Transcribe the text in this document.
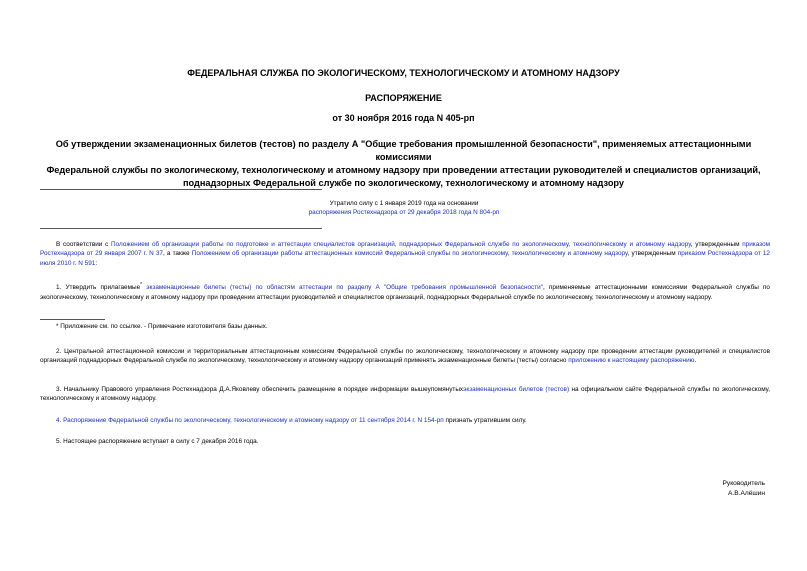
ФЕДЕРАЛЬНАЯ СЛУЖБА ПО ЭКОЛОГИЧЕСКОМУ, ТЕХНОЛОГИЧЕСКОМУ И АТОМНОМУ НАДЗОРУ
РАСПОРЯЖЕНИЕ
от 30 ноября 2016 года N 405-рп
Об утверждении экзаменационных билетов (тестов) по разделу А "Общие требования промышленной безопасности", применяемых аттестационными комиссиями
Федеральной службы по экологическому, технологическому и атомному надзору при проведении аттестации руководителей и специалистов организаций,
поднадзорных Федеральной службе по экологическому, технологическому и атомному надзору
Утратило силу с 1 января 2019 года на основании
распоряжения Ростехнадзора от 29 декабря 2018 года N 804-рп
В соответствии с Положением об организации работы по подготовке и аттестации специалистов организаций, поднадзорных Федеральной службе по экологическому, технологическому и атомному надзору, утвержденным приказом Ростехнадзора от 29 января 2007 г. N 37, а также Положением об организации работы аттестационных комиссий Федеральной службы по экологическому, технологическому и атомному надзору, утвержденным приказом Ростехнадзора от 12 июля 2010 г. N 591:
1. Утвердить прилагаемые* экзаменационные билеты (тесты) по областям аттестации по разделу А "Общие требования промышленной безопасности", применяемые аттестационными комиссиями Федеральной службы по экологическому, технологическому и атомному надзору при проведении аттестации руководителей и специалистов организаций, поднадзорных Федеральной службе по экологическому, технологическому и атомному надзору.
* Приложение см. по ссылке. - Примечание изготовителя базы данных.
2. Центральной аттестационной комиссии и территориальным аттестационным комиссиям Федеральной службы по экологическому, технологическому и атомному надзору при проведении аттестации руководителей и специалистов организаций поднадзорных Федеральной службе по экологическому, технологическому и атомному надзору организаций применять экзаменационные билеты (тесты) согласно приложению к настоящему распоряжению.
3. Начальнику Правового управления Ростехнадзора Д.А.Яковлеву обеспечить размещение в порядке информации вышеупомянутыхэкзаменационных билетов (тестов) на официальном сайте Федеральной службы по экологическому, технологическому и атомному надзору.
4. Распоряжение Федеральной службы по экологическому, технологическому и атомному надзору от 11 сентября 2014 г. N 154-рп признать утратившим силу.
5. Настоящее распоряжение вступает в силу с 7 декабря 2016 года.
Руководитель
А.В.Алёшин
